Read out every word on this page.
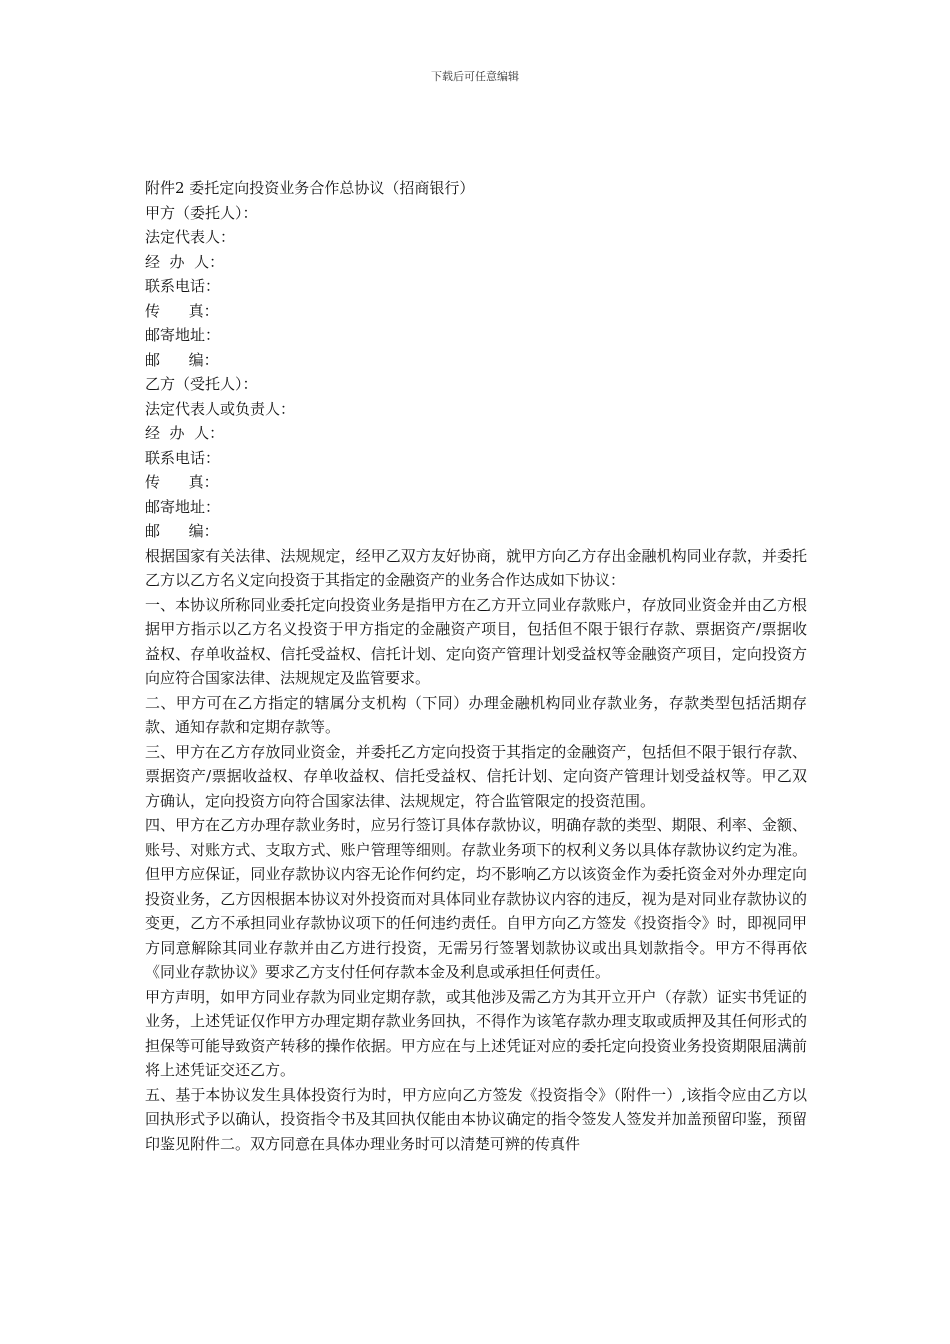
下载后可任意编辑

附件2 委托定向投资业务合作总协议（招商银行）

甲方（委托人）：

法定代表人：

经  办  人：

联系电话：

传      真：

邮寄地址：

邮      编：

乙方（受托人）：

法定代表人或负责人：

经  办  人：

联系电话：

传      真：

邮寄地址：

邮      编：

根据国家有关法律、法规规定，经甲乙双方友好协商，就甲方向乙方存出金融机构同业存款，并委托乙方以乙方名义定向投资于其指定的金融资产的业务合作达成如下协议：

一、本协议所称同业委托定向投资业务是指甲方在乙方开立同业存款账户，存放同业资金并由乙方根据甲方指示以乙方名义投资于甲方指定的金融资产项目，包括但不限于银行存款、票据资产/票据收益权、存单收益权、信托受益权、信托计划、定向资产管理计划受益权等金融资产项目，定向投资方向应符合国家法律、法规规定及监管要求。

二、甲方可在乙方指定的辖属分支机构（下同）办理金融机构同业存款业务，存款类型包括活期存款、通知存款和定期存款等。

三、甲方在乙方存放同业资金，并委托乙方定向投资于其指定的金融资产，包括但不限于银行存款、票据资产/票据收益权、存单收益权、信托受益权、信托计划、定向资产管理计划受益权等。甲乙双方确认，定向投资方向符合国家法律、法规规定，符合监管限定的投资范围。

四、甲方在乙方办理存款业务时，应另行签订具体存款协议，明确存款的类型、期限、利率、金额、账号、对账方式、支取方式、账户管理等细则。存款业务项下的权利义务以具体存款协议约定为准。但甲方应保证，同业存款协议内容无论作何约定，均不影响乙方以该资金作为委托资金对外办理定向投资业务，乙方因根据本协议对外投资而对具体同业存款协议内容的违反，视为是对同业存款协议的变更，乙方不承担同业存款协议项下的任何违约责任。自甲方向乙方签发《投资指令》时，即视同甲方同意解除其同业存款并由乙方进行投资，无需另行签署划款协议或出具划款指令。甲方不得再依《同业存款协议》要求乙方支付任何存款本金及利息或承担任何责任。

甲方声明，如甲方同业存款为同业定期存款，或其他涉及需乙方为其开立开户（存款）证实书凭证的业务，上述凭证仅作甲方办理定期存款业务回执，不得作为该笔存款办理支取或质押及其任何形式的担保等可能导致资产转移的操作依据。甲方应在与上述凭证对应的委托定向投资业务投资期限届满前将上述凭证交还乙方。

五、基于本协议发生具体投资行为时，甲方应向乙方签发《投资指令》（附件一）,该指令应由乙方以回执形式予以确认，投资指令书及其回执仅能由本协议确定的指令签发人签发并加盖预留印鉴，预留印鉴见附件二。双方同意在具体办理业务时可以清楚可辨的传真件
